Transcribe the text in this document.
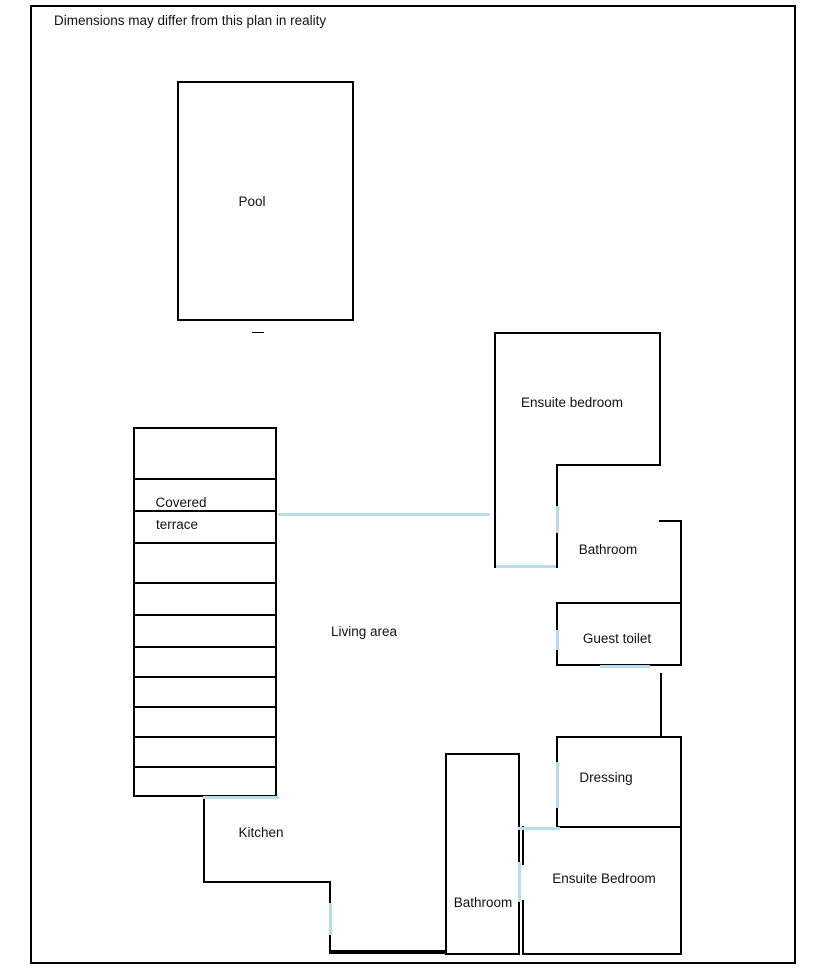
Dimensions may differ from this plan in reality
Pool
Ensuite bedroom
Bathroom
Guest toilet
Covered
terrace
Living area
Kitchen
Bathroom
Dressing
Ensuite Bedroom
